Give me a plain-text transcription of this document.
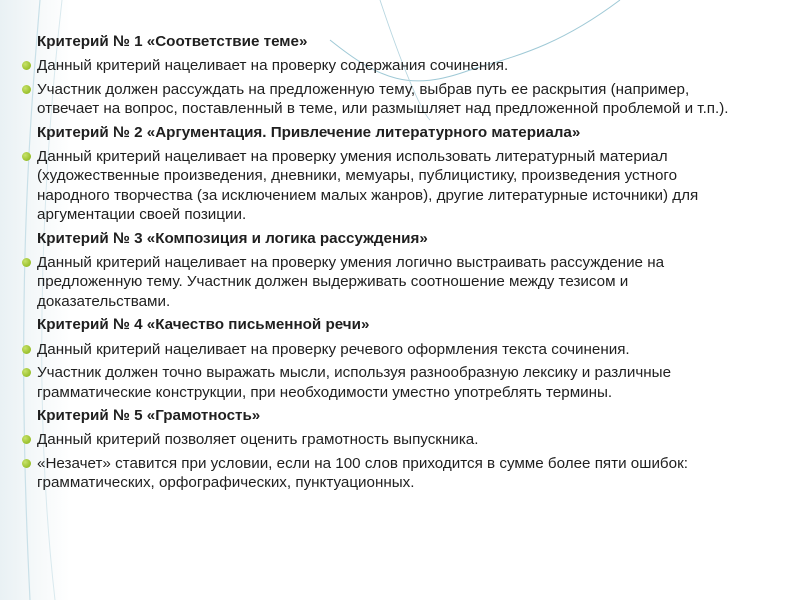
Критерий № 1 «Соответствие теме»
Данный критерий нацеливает на проверку содержания сочинения.
Участник должен рассуждать на предложенную тему, выбрав путь ее раскрытия (например, отвечает на вопрос, поставленный в теме, или размышляет над предложенной проблемой и т.п.).
Критерий № 2 «Аргументация. Привлечение литературного материала»
Данный критерий нацеливает на проверку умения использовать литературный материал (художественные произведения, дневники, мемуары, публицистику, произведения устного народного творчества (за исключением малых жанров), другие литературные источники) для аргументации своей позиции.
Критерий № 3 «Композиция и логика рассуждения»
Данный критерий нацеливает на проверку умения логично выстраивать рассуждение на предложенную тему. Участник должен выдерживать соотношение между тезисом и доказательствами.
Критерий № 4 «Качество письменной речи»
Данный критерий нацеливает на проверку речевого оформления текста сочинения.
Участник должен точно выражать мысли, используя разнообразную лексику и различные грамматические конструкции, при необходимости уместно употреблять термины.
Критерий № 5 «Грамотность»
Данный критерий позволяет оценить грамотность выпускника.
«Незачет» ставится при условии, если на 100 слов приходится в сумме более пяти ошибок: грамматических, орфографических, пунктуационных.
